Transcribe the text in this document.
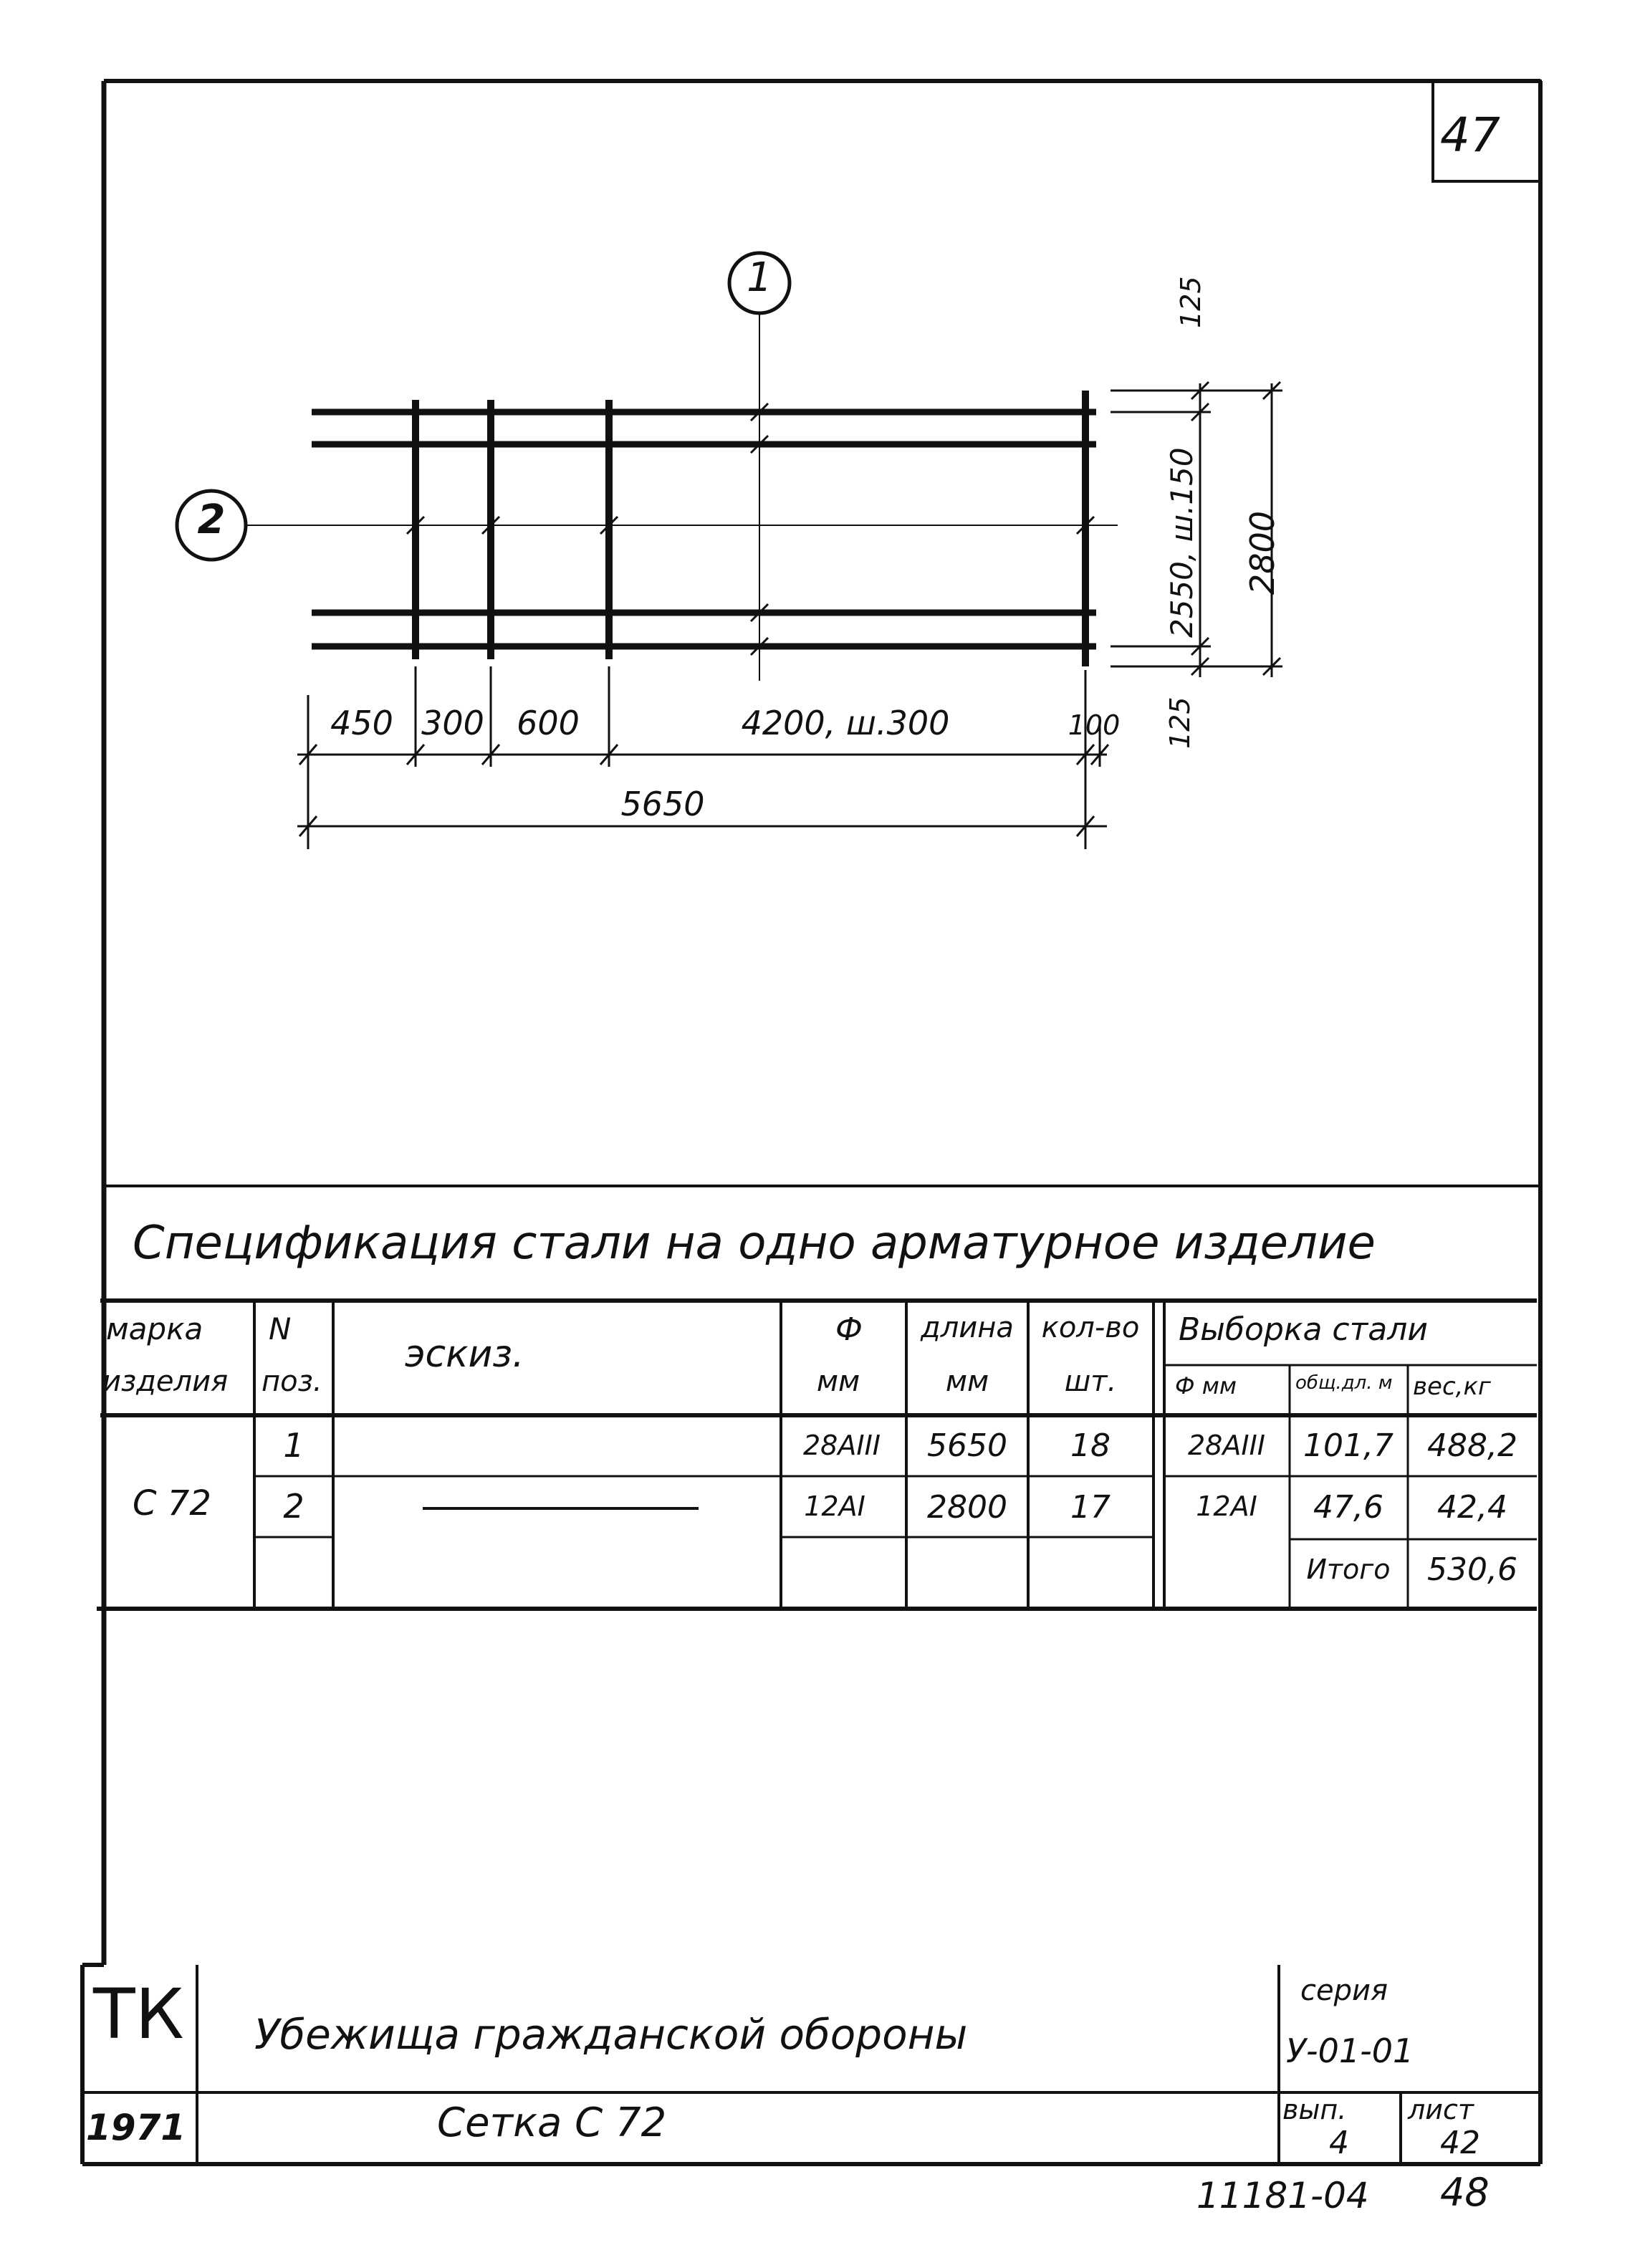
47
1
2
450 300 600	4200, ш.300	100
5650
125
2550, ш.150
125
2800
Спецификация стали на одно арматурное изделие
марка
изделия
N
поз.
эскиз.
Ф
мм
длина
мм
кол-во
шт.
Выборка стали
Ф мм	общ.дл. м вес,кг
С 72
1	28АIII 5650 18	28АIII 101,7 488,2
2	12АI 2800 17	12АI 47,6 42,4
Итого 530,6
ТК
1971
Убежища гражданской обороны
Сетка С 72
серия
У-01-01
вып.
4
лист
42
11181-04 48
